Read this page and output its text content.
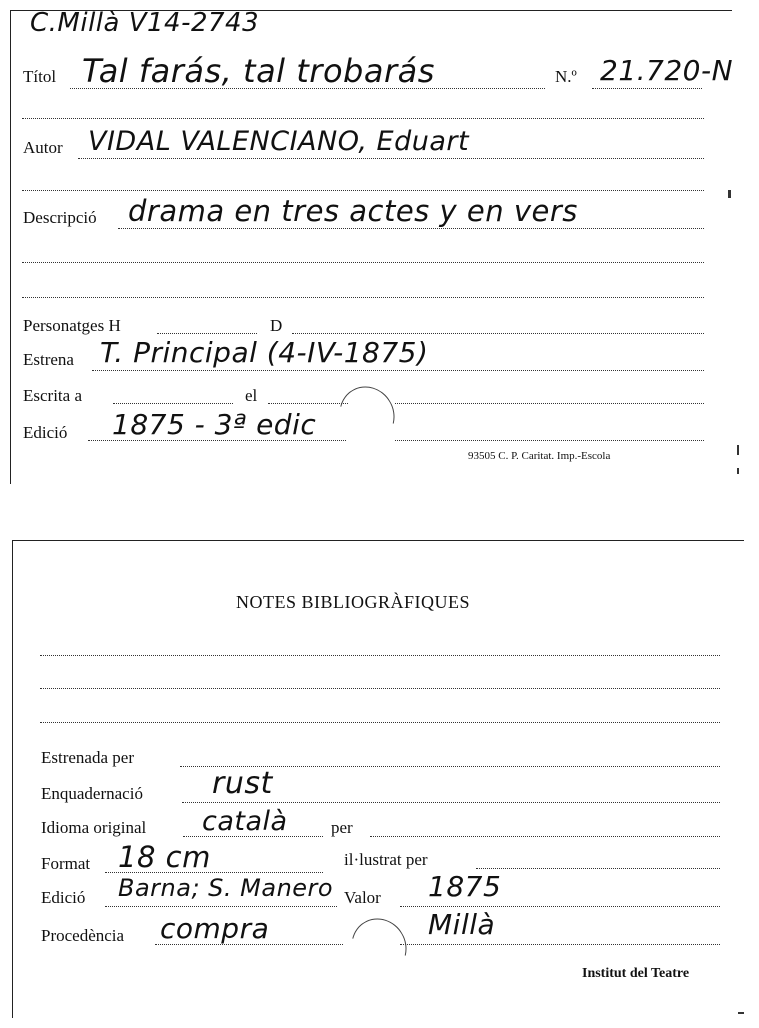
C.Millà V14-2743
Títol Tal farás, tal trobarás	N.º 21.720-N
Autor VIDAL VALENCIANO, Eduart
Descripció drama en tres actes y en vers
Personatges H	D
Estrena T. Principal (4-IV-1875)
Escrita a	el
Edició 1875 - 3ª edic
93505 C. P. Caritat. Imp.-Escola
NOTES BIBLIOGRÀFIQUES
Estrenada per
Enquadernació rust
Idioma original català	per
Format 18 cm	il·lustrat per
Edició Barna; S. Manero Valor 1875
Procedència compra	Millà
Institut del Teatre
